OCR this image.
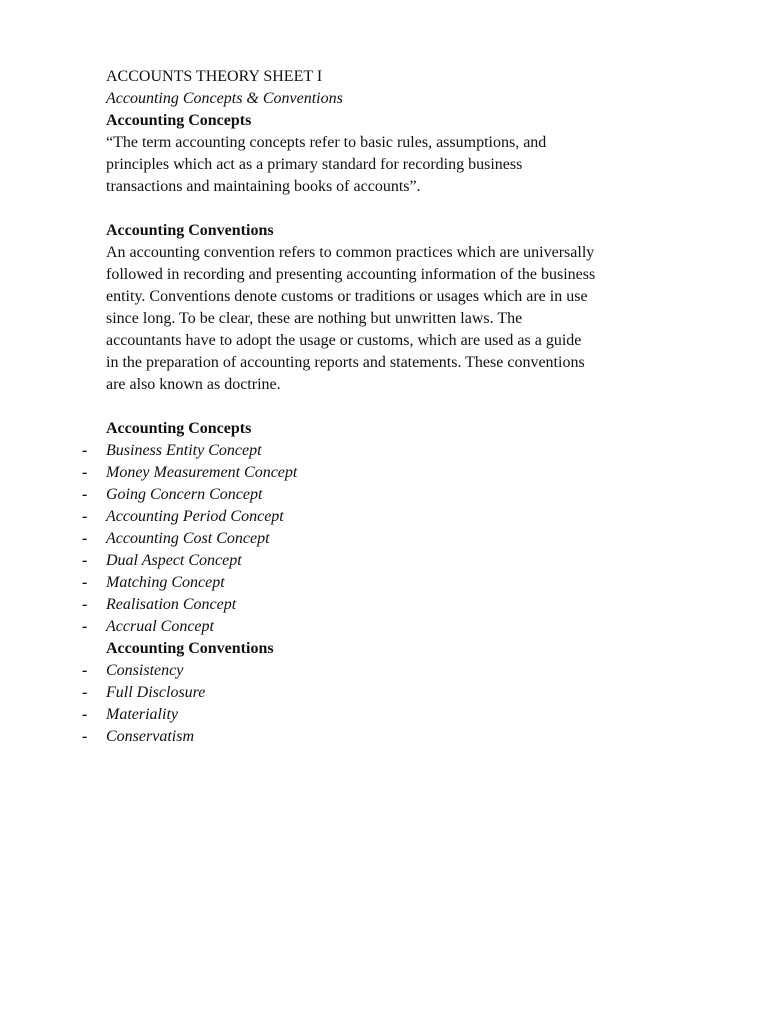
ACCOUNTS THEORY SHEET I
Accounting Concepts & Conventions
Accounting Concepts
“The term accounting concepts refer to basic rules, assumptions, and
principles which act as a primary standard for recording business
transactions and maintaining books of accounts”.
Accounting Conventions
An accounting convention refers to common practices which are universally
followed in recording and presenting accounting information of the business
entity. Conventions denote customs or traditions or usages which are in use
since long. To be clear, these are nothing but unwritten laws. The
accountants have to adopt the usage or customs, which are used as a guide
in the preparation of accounting reports and statements. These conventions
are also known as doctrine.
Accounting Concepts
- Business Entity Concept
- Money Measurement Concept
- Going Concern Concept
- Accounting Period Concept
- Accounting Cost Concept
- Dual Aspect Concept
- Matching Concept
- Realisation Concept
- Accrual Concept
Accounting Conventions
- Consistency
- Full Disclosure
- Materiality
- Conservatism
